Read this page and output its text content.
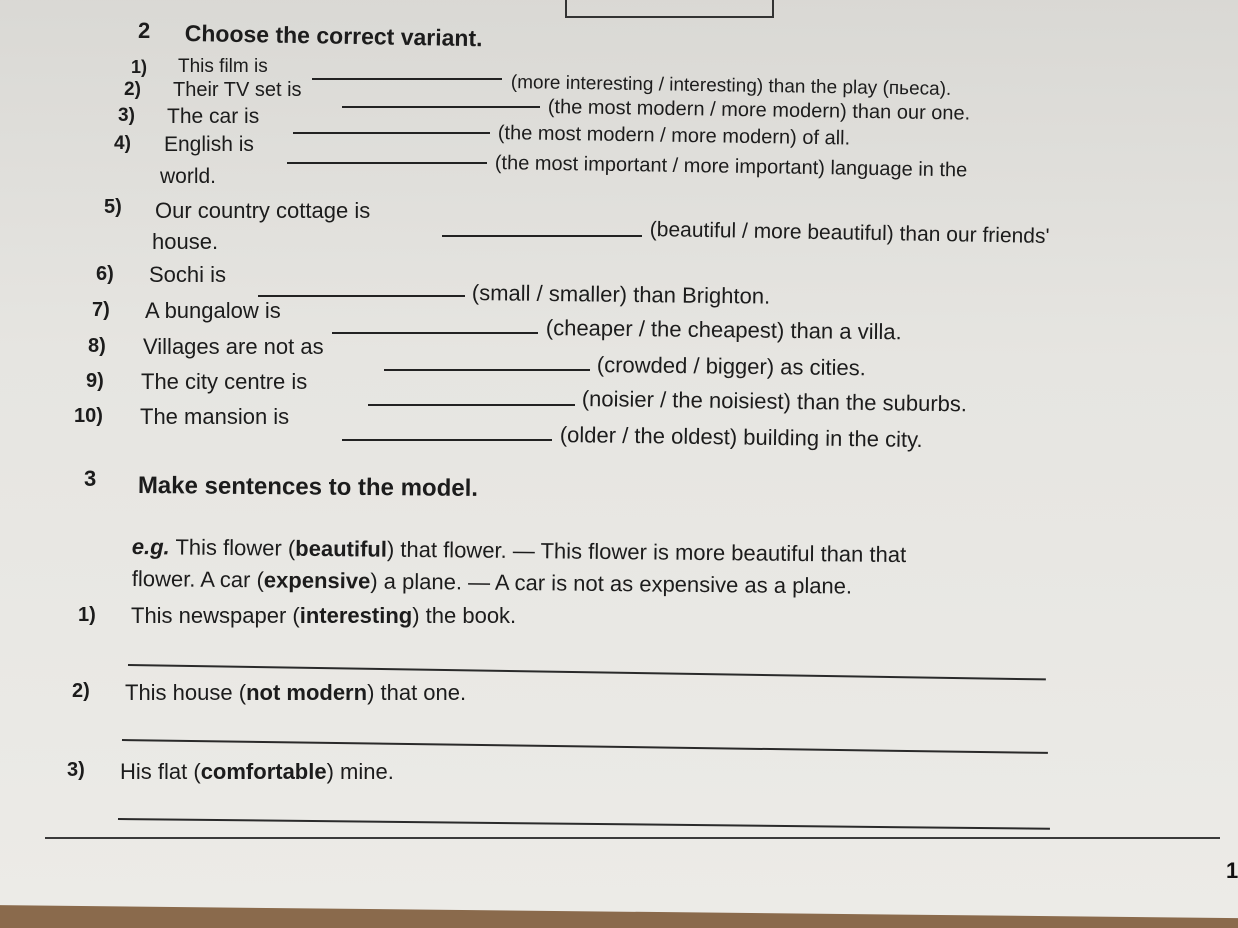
2 Choose the correct variant.
1) This film is
(more interesting / interesting) than the play (пьеса).
2) Their TV set is
(the most modern / more modern) than our one.
3) The car is
(the most modern / more modern) of all.
4) English is
(the most important / more important) language in the
world.
5) Our country cottage is
(beautiful / more beautiful) than our friends'
house.
6) Sochi is
(small / smaller) than Brighton.
7) A bungalow is
(cheaper / the cheapest) than a villa.
8) Villages are not as
(crowded / bigger) as cities.
9) The city centre is
(noisier / the noisiest) than the suburbs.
10) The mansion is
(older / the oldest) building in the city.
3 Make sentences to the model.
e.g. This flower (beautiful) that flower. — This flower is more beautiful than that
flower. A car (expensive) a plane. — A car is not as expensive as a plane.
1) This newspaper (interesting) the book.
2) This house (not modern) that one.
3) His flat (comfortable) mine.
1
